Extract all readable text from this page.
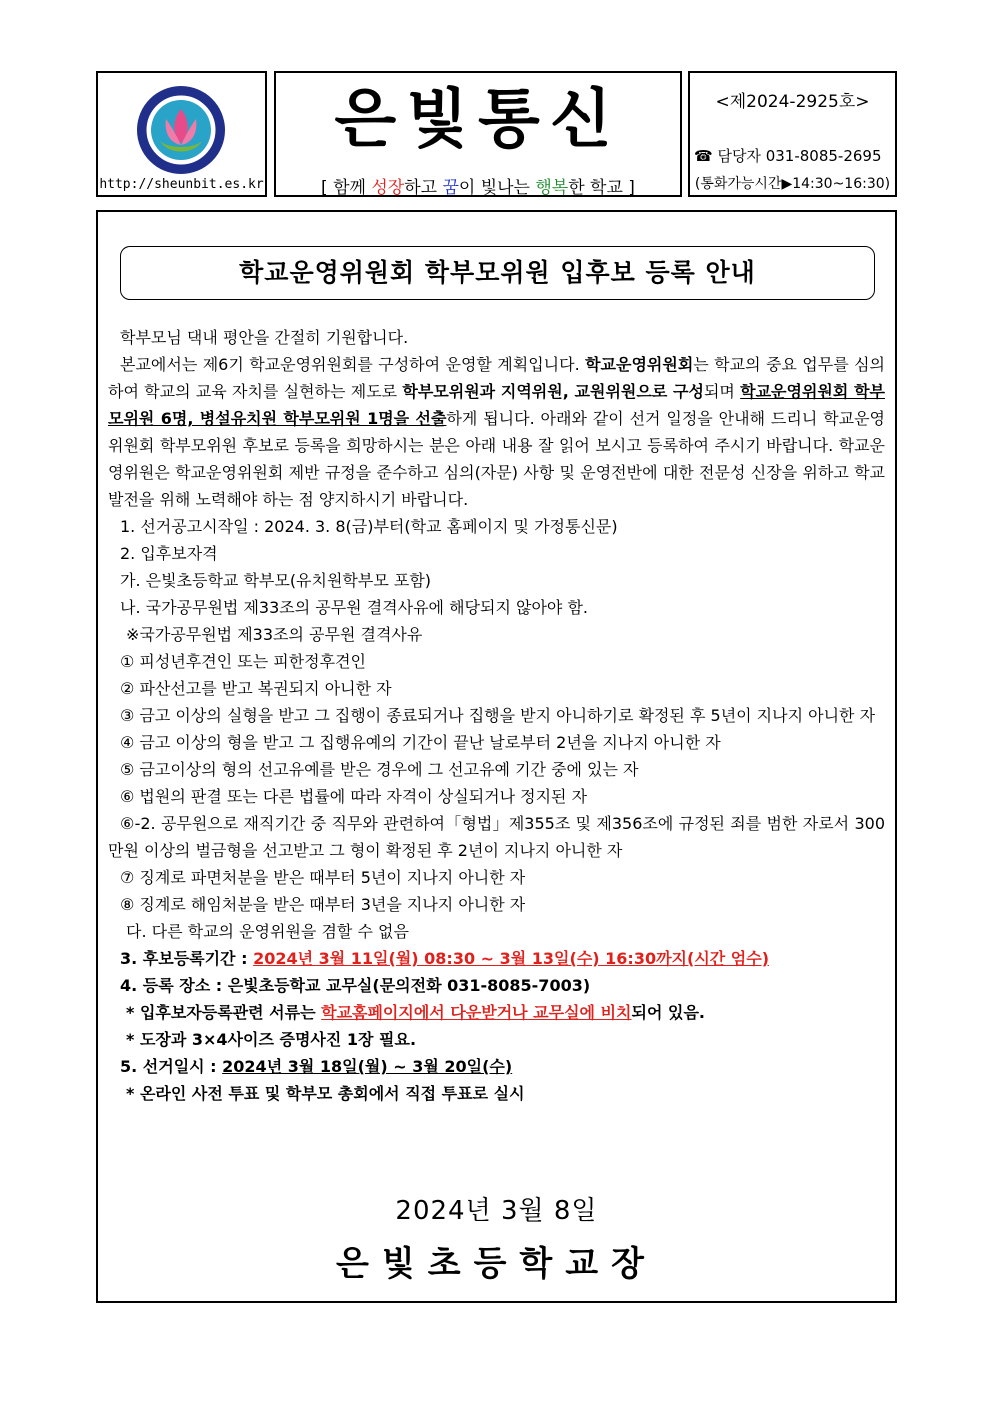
http://sheunbit.es.kr
은빛통신
[ 함께 성장하고 꿈이 빛나는 행복한 학교 ]
<제2024-2925호>
☎ 담당자 031-8085-2695
(통화가능시간▶14:30~16:30)
학교운영위원회 학부모위원 입후보 등록 안내

학부모님 댁내 평안을 간절히 기원합니다.

본교에서는 제6기 학교운영위원회를 구성하여 운영할 계획입니다. 학교운영위원회는 학교의 중요 업무를 심의하여 학교의 교육 자치를 실현하는 제도로 학부모위원과 지역위원, 교원위원으로 구성되며 학교운영위원회 학부모위원 6명, 병설유치원 학부모위원 1명을 선출하게 됩니다. 아래와 같이 선거 일정을 안내해 드리니 학교운영위원회 학부모위원 후보로 등록을 희망하시는 분은 아래 내용 잘 읽어 보시고 등록하여 주시기 바랍니다. 학교운영위원은 학교운영위원회 제반 규정을 준수하고 심의(자문) 사항 및 운영전반에 대한 전문성 신장을 위하고 학교 발전을 위해 노력해야 하는 점 양지하시기 바랍니다.

1. 선거공고시작일 : 2024. 3. 8(금)부터(학교 홈페이지 및 가정통신문)

2. 입후보자격

가. 은빛초등학교 학부모(유치원학부모 포함)

나. 국가공무원법 제33조의 공무원 결격사유에 해당되지 않아야 함.

※국가공무원법 제33조의 공무원 결격사유

① 피성년후견인 또는 피한정후견인

② 파산선고를 받고 복권되지 아니한 자

③ 금고 이상의 실형을 받고 그 집행이 종료되거나 집행을 받지 아니하기로 확정된 후 5년이 지나지 아니한 자

④ 금고 이상의 형을 받고 그 집행유예의 기간이 끝난 날로부터 2년을 지나지 아니한 자

⑤ 금고이상의 형의 선고유예를 받은 경우에 그 선고유예 기간 중에 있는 자

⑥ 법원의 판결 또는 다른 법률에 따라 자격이 상실되거나 정지된 자

⑥-2. 공무원으로 재직기간 중 직무와 관련하여「형법」제355조 및 제356조에 규정된 죄를 범한 자로서 300만원 이상의 벌금형을 선고받고 그 형이 확정된 후 2년이 지나지 아니한 자

⑦ 징계로 파면처분을 받은 때부터 5년이 지나지 아니한 자

⑧ 징계로 해임처분을 받은 때부터 3년을 지나지 아니한 자

다. 다른 학교의 운영위원을 겸할 수 없음

3. 후보등록기간 : 2024년 3월 11일(월) 08:30 ~ 3월 13일(수) 16:30까지(시간 엄수)

4. 등록 장소 : 은빛초등학교 교무실(문의전화 031-8085-7003)

* 입후보자등록관련 서류는 학교홈페이지에서 다운받거나 교무실에 비치되어 있음.

* 도장과 3×4사이즈 증명사진 1장 필요.

5. 선거일시 : 2024년 3월 18일(월) ~ 3월 20일(수)

* 온라인 사전 투표 및 학부모 총회에서 직접 투표로 실시

2024년 3월 8일
은빛초등학교장
